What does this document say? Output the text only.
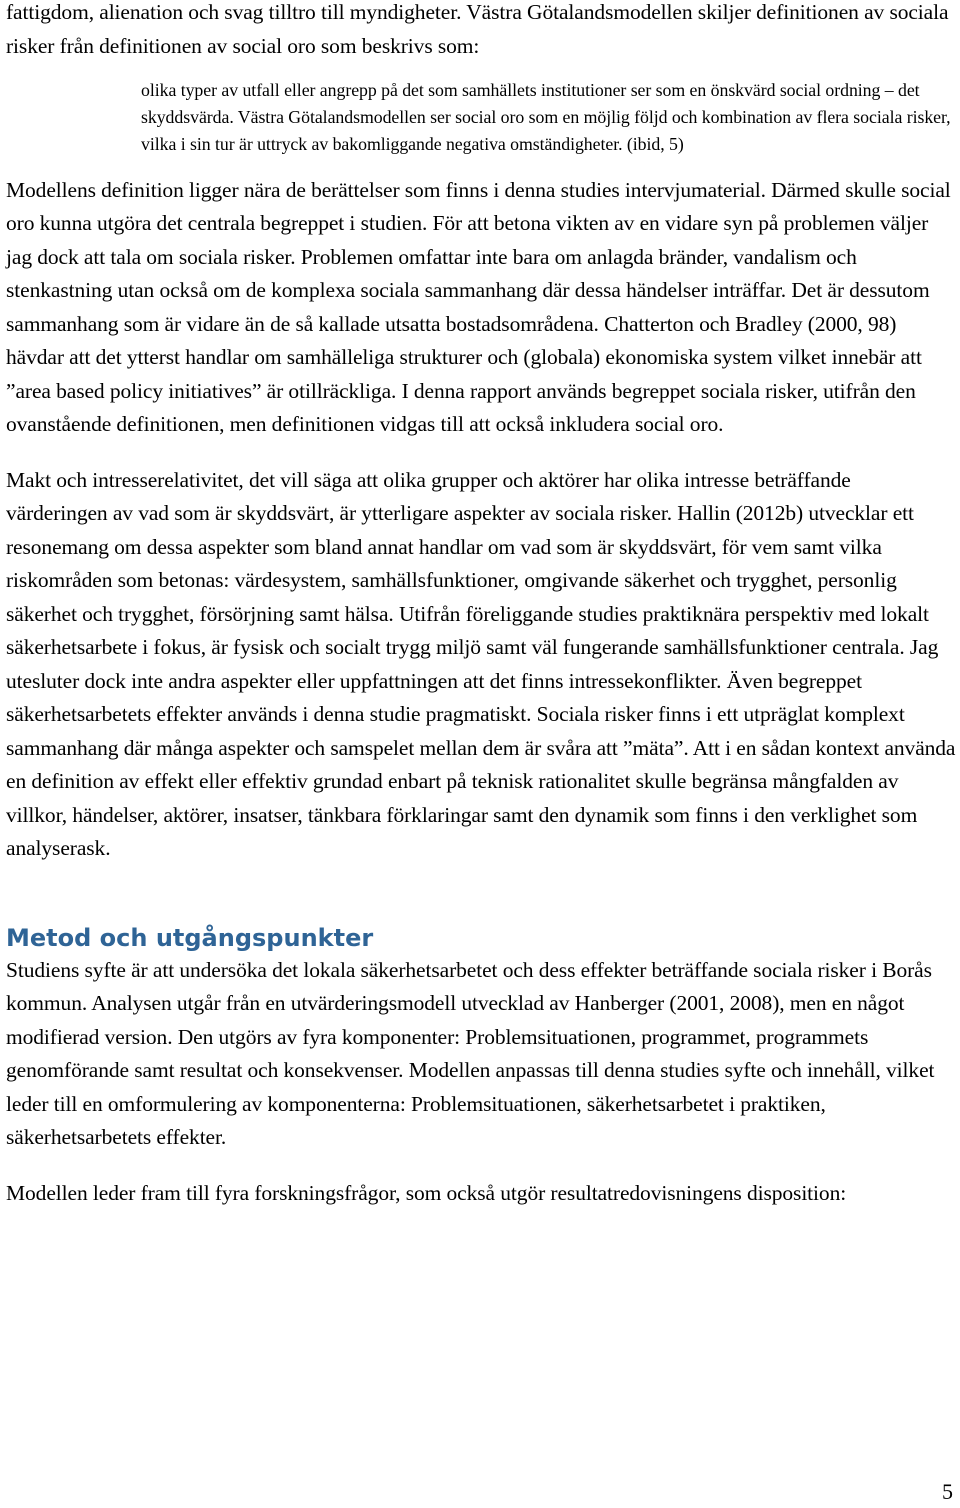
fattigdom, alienation och svag tilltro till myndigheter. Västra Götalandsmodellen skiljer definitionen av sociala risker från definitionen av social oro som beskrivs som:

olika typer av utfall eller angrepp på det som samhällets institutioner ser som en önskvärd social ordning – det skyddsvärda. Västra Götalandsmodellen ser social oro som en möjlig följd och kombination av flera sociala risker, vilka i sin tur är uttryck av bakomliggande negativa omständigheter. (ibid, 5)

Modellens definition ligger nära de berättelser som finns i denna studies intervjumaterial. Därmed skulle social oro kunna utgöra det centrala begreppet i studien. För att betona vikten av en vidare syn på problemen väljer jag dock att tala om sociala risker. Problemen omfattar inte bara om anlagda bränder, vandalism och stenkastning utan också om de komplexa sociala sammanhang där dessa händelser inträffar. Det är dessutom sammanhang som är vidare än de så kallade utsatta bostadsområdena. Chatterton och Bradley (2000, 98) hävdar att det ytterst handlar om samhälleliga strukturer och (globala) ekonomiska system vilket innebär att ”area based policy initiatives” är otillräckliga. I denna rapport används begreppet sociala risker, utifrån den ovanstående definitionen, men definitionen vidgas till att också inkludera social oro.

Makt och intresserelativitet, det vill säga att olika grupper och aktörer har olika intresse beträffande värderingen av vad som är skyddsvärt, är ytterligare aspekter av sociala risker. Hallin (2012b) utvecklar ett resonemang om dessa aspekter som bland annat handlar om vad som är skyddsvärt, för vem samt vilka riskområden som betonas: värdesystem, samhällsfunktioner, omgivande säkerhet och trygghet, personlig säkerhet och trygghet, försörjning samt hälsa. Utifrån föreliggande studies praktiknära perspektiv med lokalt säkerhetsarbete i fokus, är fysisk och socialt trygg miljö samt väl fungerande samhällsfunktioner centrala. Jag utesluter dock inte andra aspekter eller uppfattningen att det finns intressekonflikter. Även begreppet säkerhetsarbetets effekter används i denna studie pragmatiskt. Sociala risker finns i ett utpräglat komplext sammanhang där många aspekter och samspelet mellan dem är svåra att ”mäta”. Att i en sådan kontext använda en definition av effekt eller effektiv grundad enbart på teknisk rationalitet skulle begränsa mångfalden av villkor, händelser, aktörer, insatser, tänkbara förklaringar samt den dynamik som finns i den verklighet som analyserask.

Metod och utgångspunkter

Studiens syfte är att undersöka det lokala säkerhetsarbetet och dess effekter beträffande sociala risker i Borås kommun. Analysen utgår från en utvärderingsmodell utvecklad av Hanberger (2001, 2008), men en något modifierad version. Den utgörs av fyra komponenter: Problemsituationen, programmet, programmets genomförande samt resultat och konsekvenser. Modellen anpassas till denna studies syfte och innehåll, vilket leder till en omformulering av komponenterna: Problemsituationen, säkerhetsarbetet i praktiken, säkerhetsarbetets effekter.

Modellen leder fram till fyra forskningsfrågor, som också utgör resultatredovisningens disposition:

5
